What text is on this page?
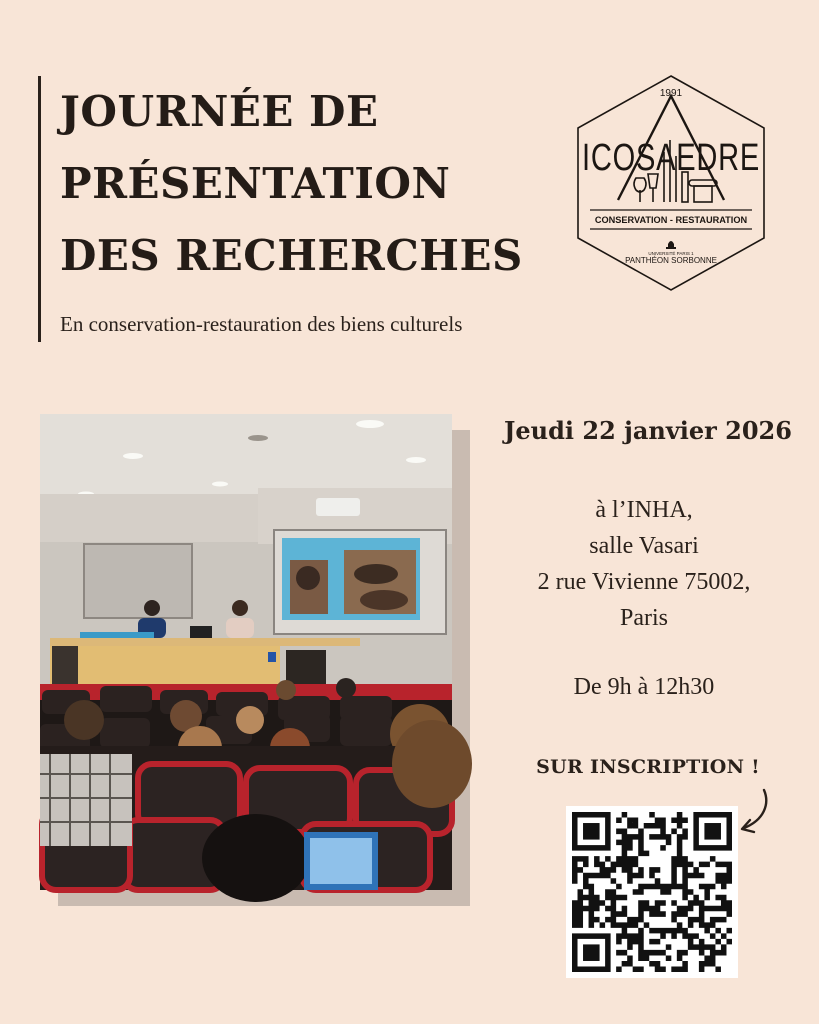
JOURNÉE DE
PRÉSENTATION
DES RECHERCHES
En conservation-restauration des biens culturels
1991
ICOSAEDRE
CONSERVATION - RESTAURATION
UNIVERSITÉ PARIS 1
PANTHÉON SORBONNE
Jeudi 22 janvier 2026
à l’INHA,
salle Vasari
2 rue Vivienne 75002,
Paris
De 9h à 12h30
SUR INSCRIPTION !
